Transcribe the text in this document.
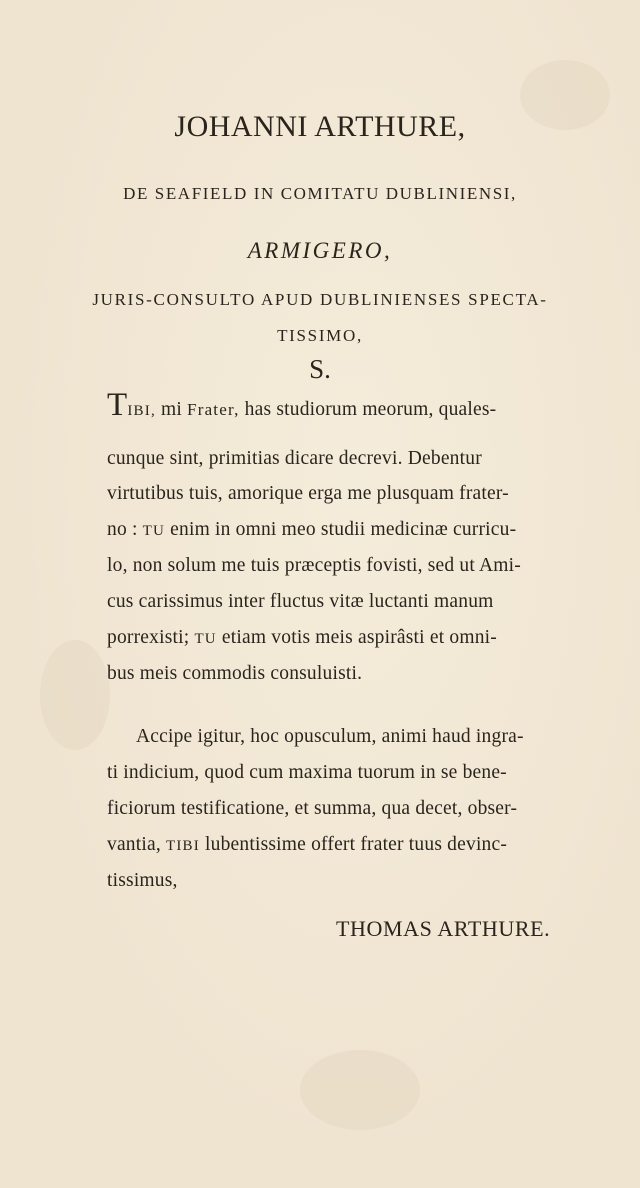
JOHANNI ARTHURE,

DE SEAFIELD IN COMITATU DUBLINIENSI,

ARMIGERO,

JURIS-CONSULTO APUD DUBLINIENSES SPECTA-

TISSIMO,

S.

TIBI, mi Frater, has studiorum meorum, quales-

cunque sint, primitias dicare decrevi. Debentur

virtutibus tuis, amorique erga me plusquam frater-

no : TU enim in omni meo studii medicinæ curricu-

lo, non solum me tuis præceptis fovisti, sed ut Ami-

cus carissimus inter fluctus vitæ luctanti manum

porrexisti; TU etiam votis meis aspirâsti et omni-

bus meis commodis consuluisti.

Accipe igitur, hoc opusculum, animi haud ingra-

ti indicium, quod cum maxima tuorum in se bene-

ficiorum testificatione, et summa, qua decet, obser-

vantia, TIBI lubentissime offert frater tuus devinc-

tissimus,

THOMAS ARTHURE.
